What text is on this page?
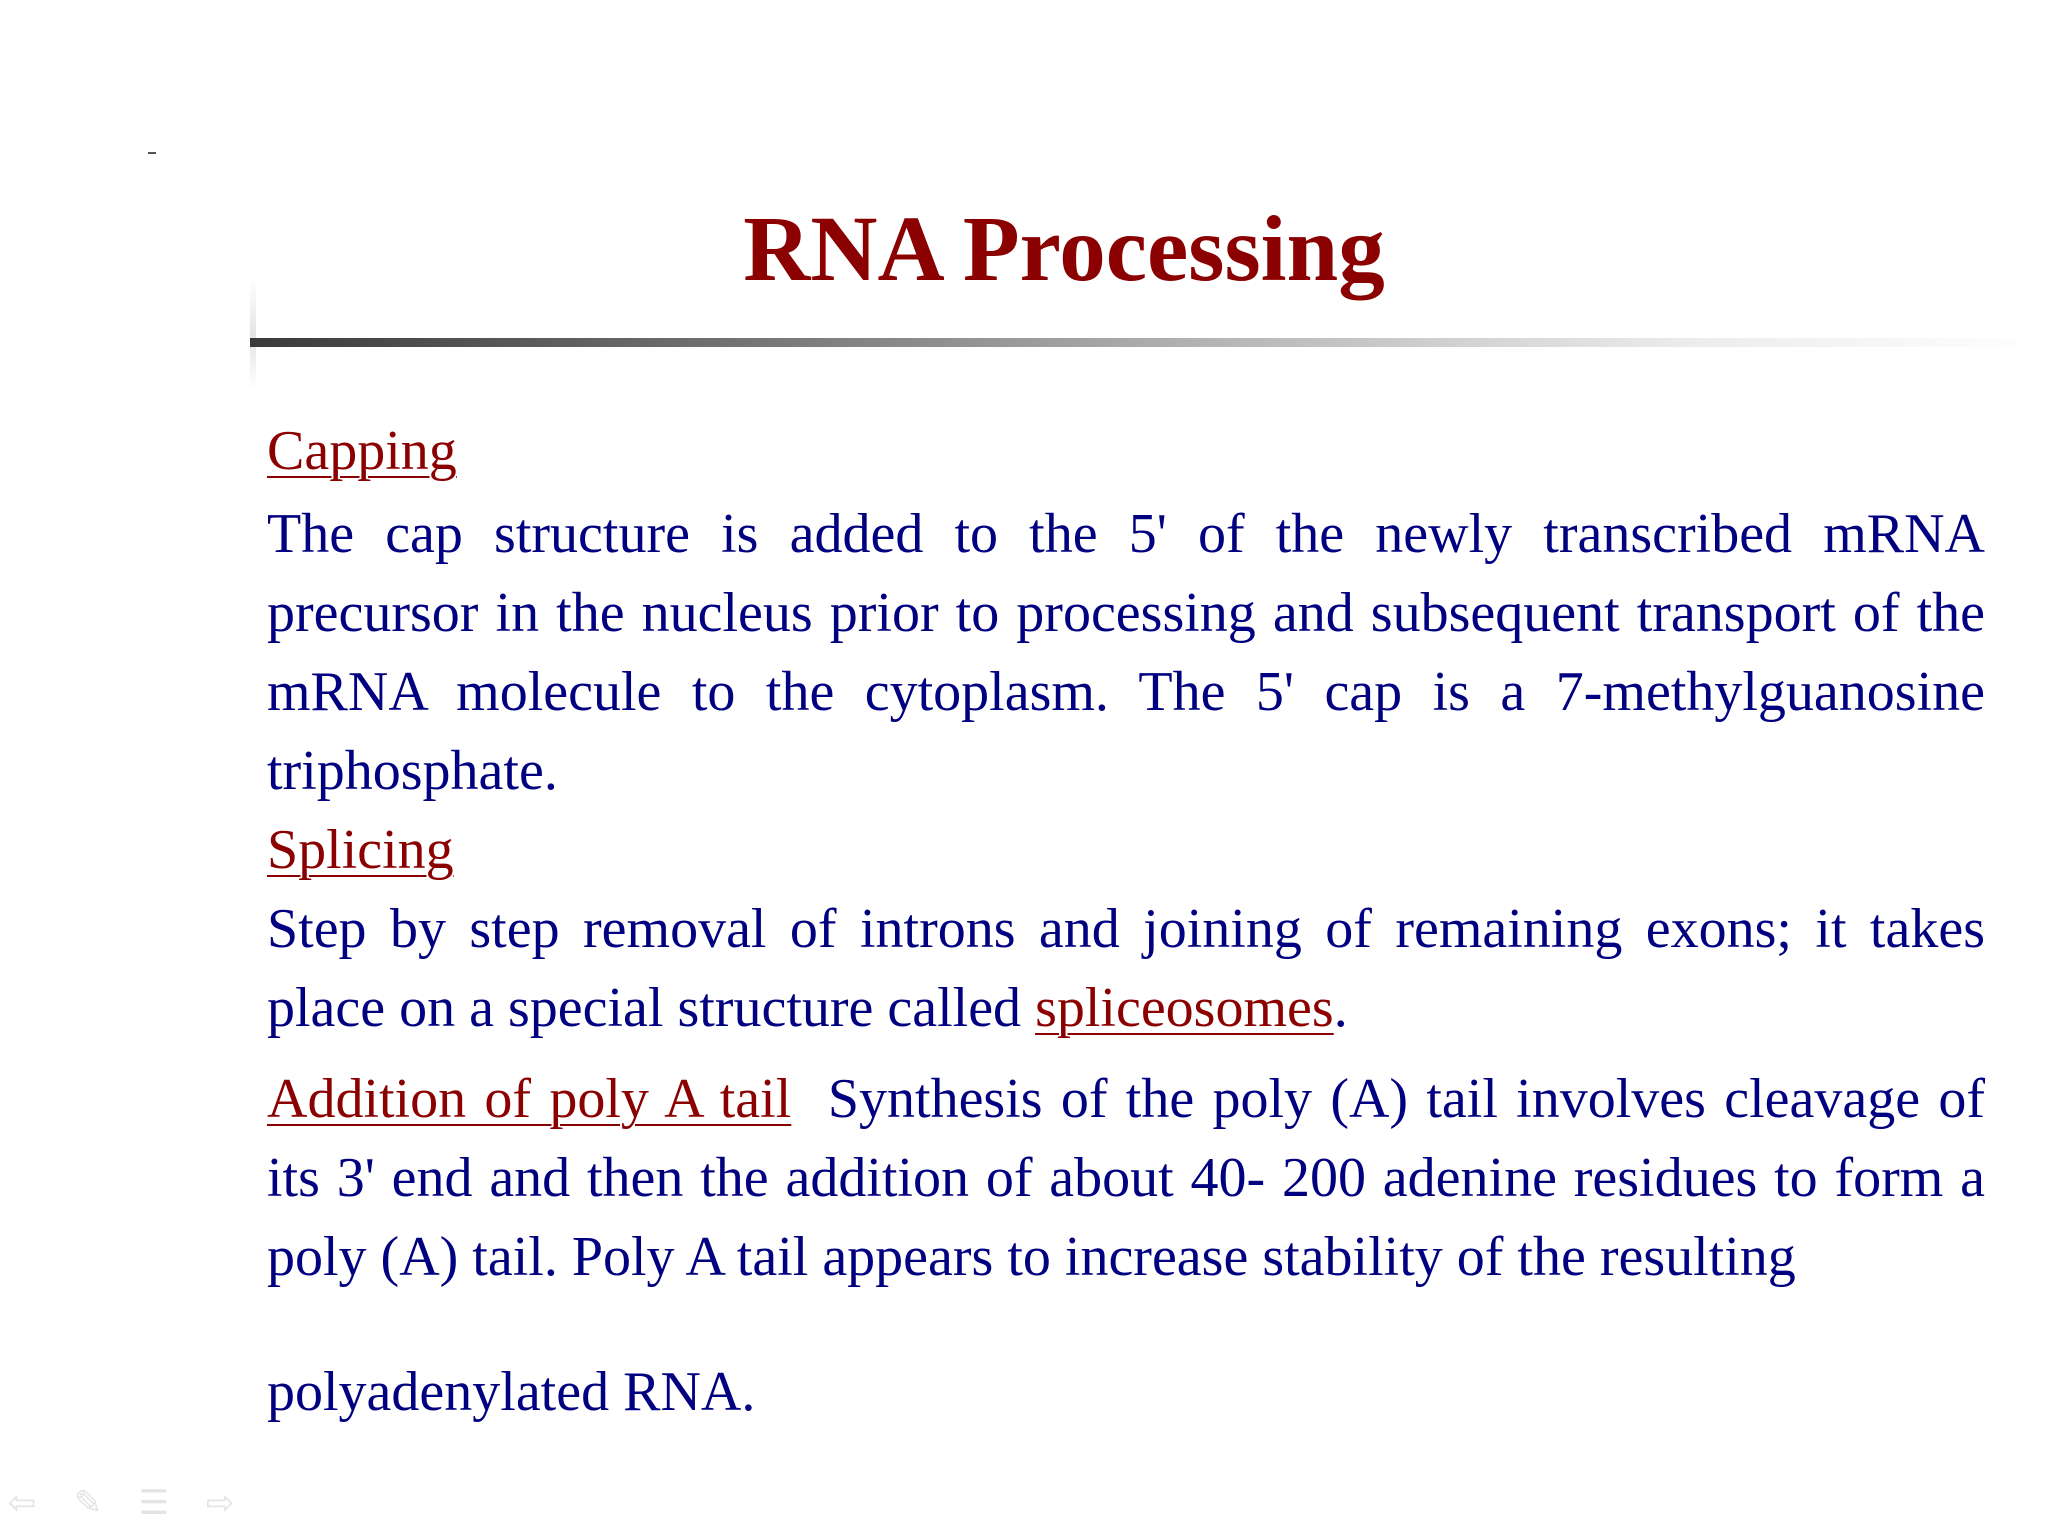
RNA Processing
Capping

The cap structure is added to the 5' of the newly transcribed mRNA precursor in the nucleus prior to processing and subsequent transport of the mRNA molecule to the cytoplasm. The 5' cap is a 7-methylguanosine triphosphate.

Splicing

Step by step removal of introns and joining of remaining exons; it takes place on a special structure called spliceosomes.

Addition of poly A tail Synthesis of the poly (A) tail involves cleavage of its 3' end and then the addition of about 40- 200 adenine residues to form a poly (A) tail. Poly A tail appears to increase stability of the resulting

polyadenylated RNA.
⇦ ✎ ☰ ⇨
